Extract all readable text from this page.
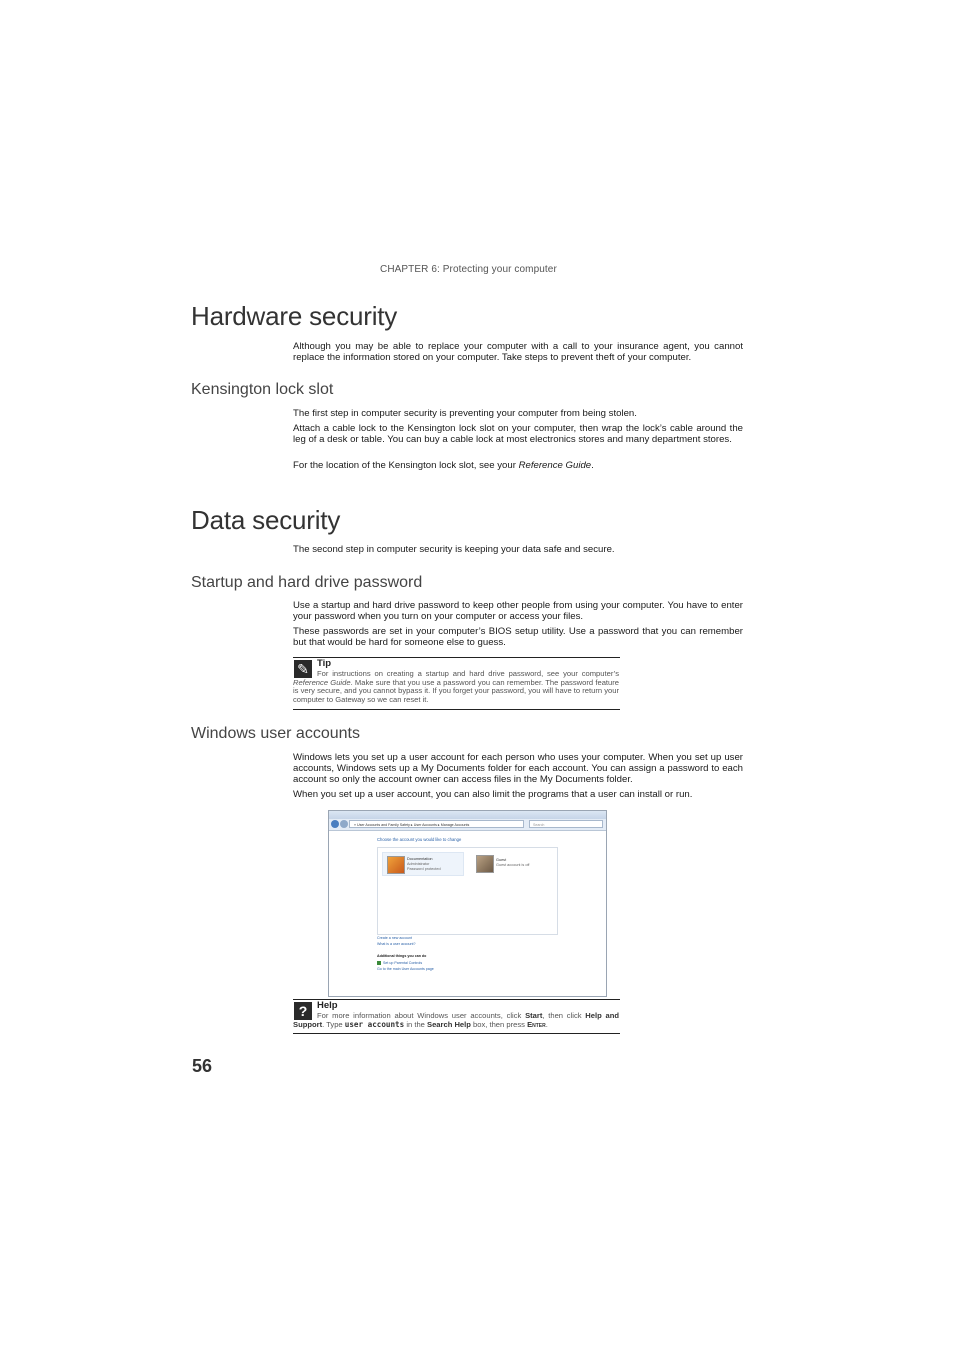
CHAPTER 6: Protecting your computer
Hardware security

Although you may be able to replace your computer with a call to your insurance agent, you cannot replace the information stored on your computer. Take steps to prevent theft of your computer.

Kensington lock slot

The first step in computer security is preventing your computer from being stolen.

Attach a cable lock to the Kensington lock slot on your computer, then wrap the lock’s cable around the leg of a desk or table. You can buy a cable lock at most electronics stores and many department stores.

For the location of the Kensington lock slot, see your Reference Guide.

Data security

The second step in computer security is keeping your data safe and secure.

Startup and hard drive password

Use a startup and hard drive password to keep other people from using your computer. You have to enter your password when you turn on your computer or access your files.

These passwords are set in your computer’s BIOS setup utility. Use a password that you can remember but that would be hard for someone else to guess.

✎ Tip
For instructions on creating a startup and hard drive password, see your computer’s Reference Guide. Make sure that you use a password you can remember. The password feature is very secure, and you cannot bypass it. If you forget your password, you will have to return your computer to Gateway so we can reset it.
Windows user accounts

Windows lets you set up a user account for each person who uses your computer. When you set up user accounts, Windows sets up a My Documents folder for each account. You can assign a password to each account so only the account owner can access files in the My Documents folder.

When you set up a user account, you can also limit the programs that a user can install or run.

« User Accounts and Family Safety ▸ User Accounts ▸ Manage Accounts	Search
Choose the account you would like to change
Documentation
Administrator
Password protected
Guest
Guest account is off
Create a new account
What is a user account?
Additional things you can do
Set up Parental Controls
Go to the main User Accounts page
?	Help
For more information about Windows user accounts, click Start, then click Help and Support. Type user accounts in the Search Help box, then press Enter.
56
